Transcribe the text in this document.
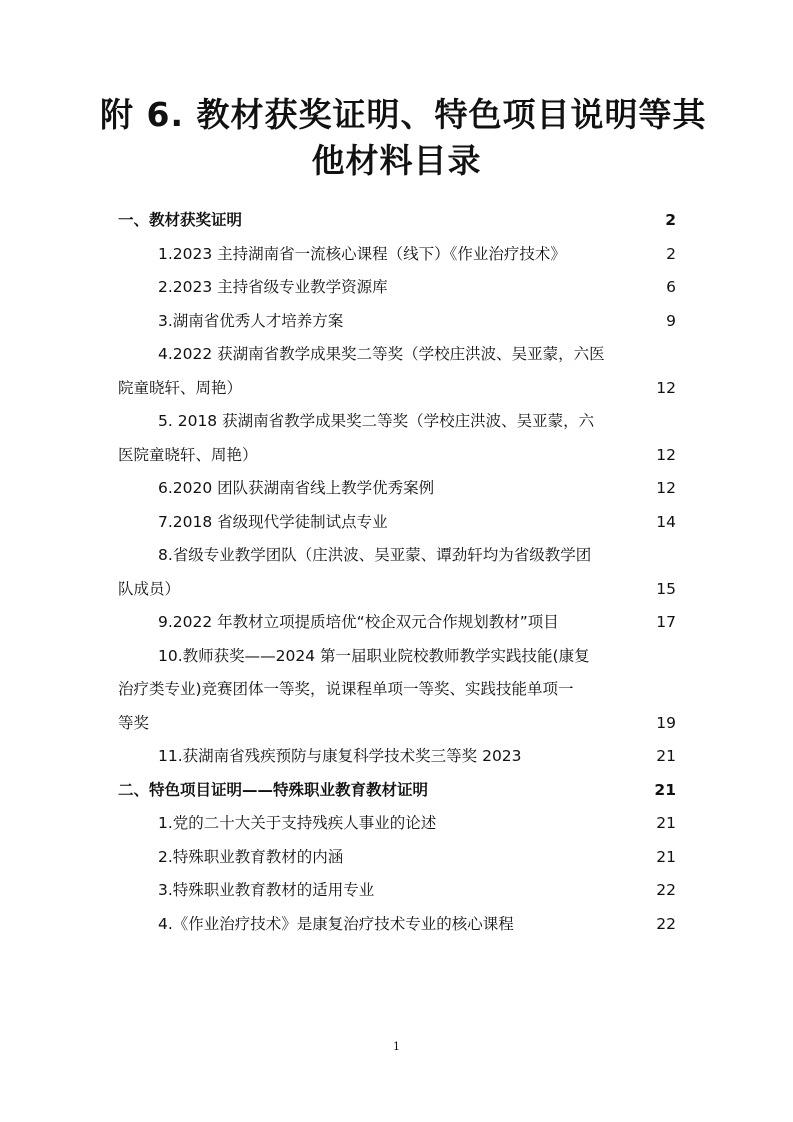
附 6. 教材获奖证明、特色项目说明等其
他材料目录
一、教材获奖证明 .....	2
1.2023 主持湖南省一流核心课程（线下）《作业治疗技术》 .....	2
2.2023 主持省级专业教学资源库 .....	6
3.湖南省优秀人才培养方案 .....	9
4.2022 获湖南省教学成果奖二等奖（学校庄洪波、吴亚蒙，六医
院童晓轩、周艳） .....	12
5. 2018 获湖南省教学成果奖二等奖（学校庄洪波、吴亚蒙，六
医院童晓轩、周艳） .....	12
6.2020 团队获湖南省线上教学优秀案例 .....	12
7.2018 省级现代学徒制试点专业 .....	14
8.省级专业教学团队（庄洪波、吴亚蒙、谭劲轩均为省级教学团
队成员） .....	15
9.2022 年教材立项提质培优“校企双元合作规划教材”项目 .....	17
10.教师获奖——2024 第一届职业院校教师教学实践技能(康复
治疗类专业)竞赛团体一等奖，说课程单项一等奖、实践技能单项一
等奖 .....	19
11.获湖南省残疾预防与康复科学技术奖三等奖 2023 .....	21
二、特色项目证明——特殊职业教育教材证明 .....	21
1.党的二十大关于支持残疾人事业的论述 .....	21
2.特殊职业教育教材的内涵 .....	21
3.特殊职业教育教材的适用专业 .....	22
4.《作业治疗技术》是康复治疗技术专业的核心课程 .....	22
1
